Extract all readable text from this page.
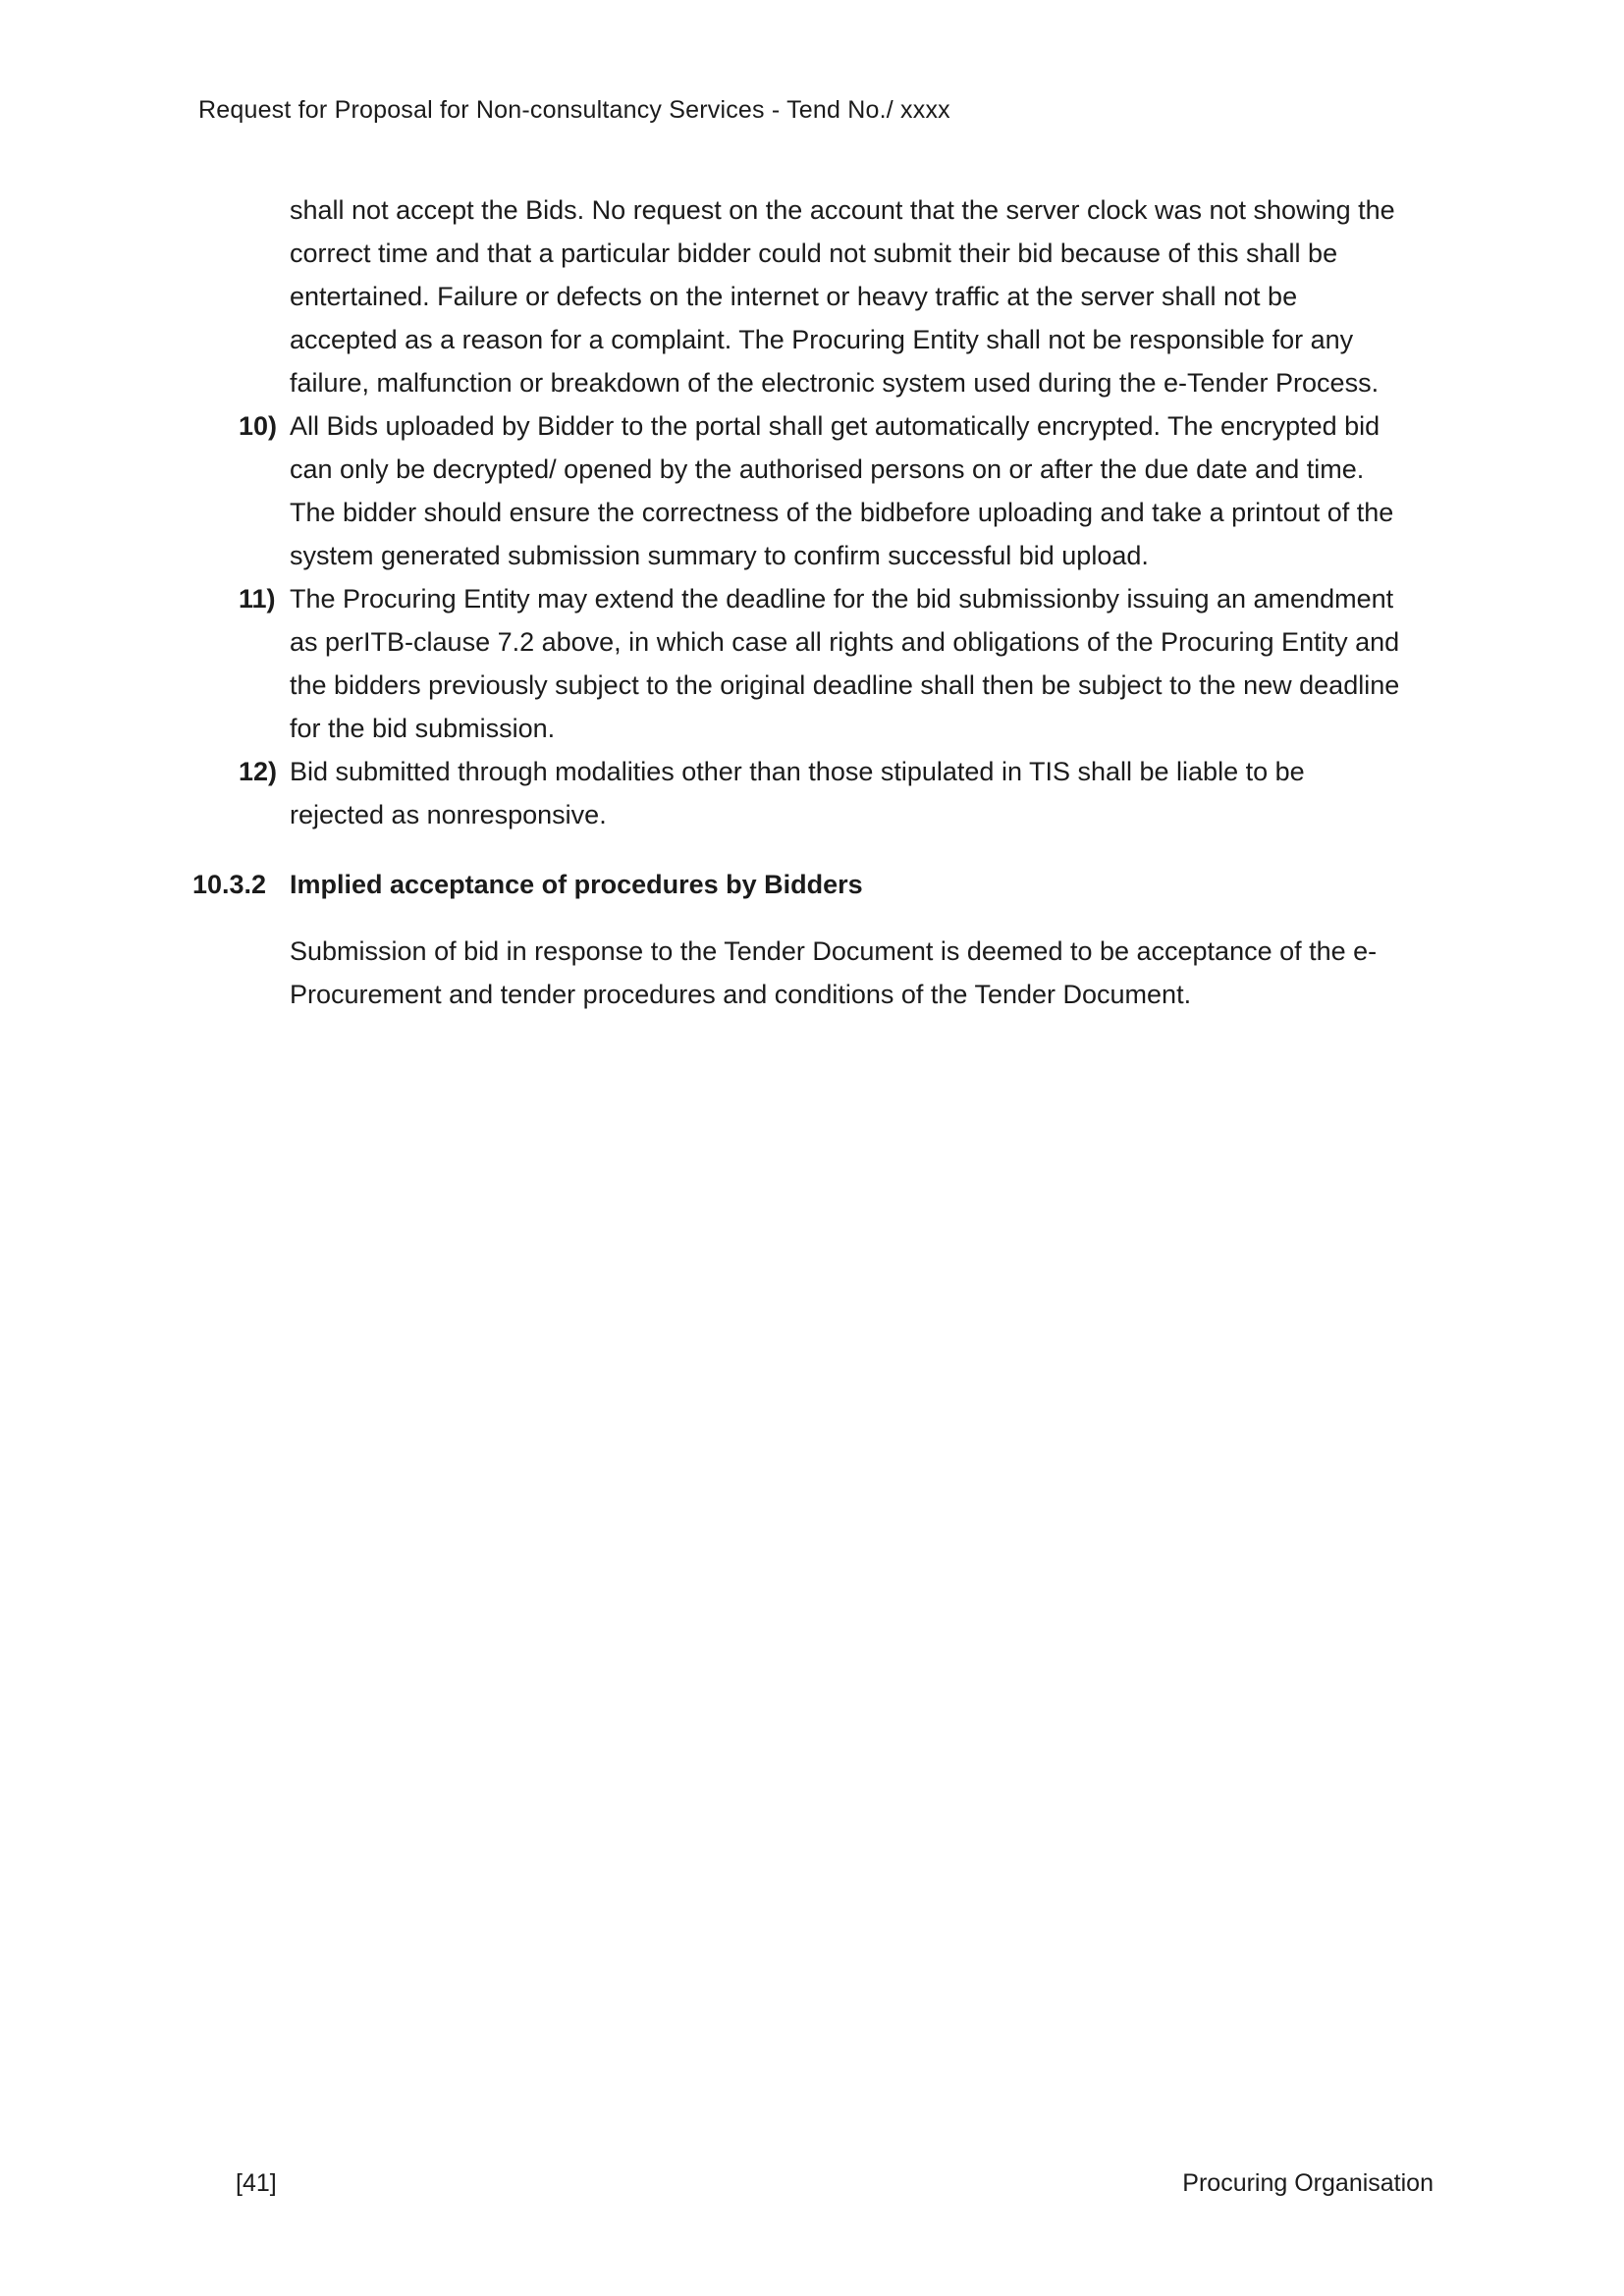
Request for Proposal for Non-consultancy Services - Tend No./ xxxx

shall not accept the Bids. No request on the account that the server clock was not showing the correct time and that a particular bidder could not submit their bid because of this shall be entertained. Failure or defects on the internet or heavy traffic at the server shall not be accepted as a reason for a complaint. The Procuring Entity shall not be responsible for any failure, malfunction or breakdown of the electronic system used during the e-Tender Process.

10) All Bids uploaded by Bidder to the portal shall get automatically encrypted. The encrypted bid can only be decrypted/ opened by the authorised persons on or after the due date and time. The bidder should ensure the correctness of the bidbefore uploading and take a printout of the system generated submission summary to confirm successful bid upload.
11) The Procuring Entity may extend the deadline for the bid submissionby issuing an amendment as perITB-clause 7.2 above, in which case all rights and obligations of the Procuring Entity and the bidders previously subject to the original deadline shall then be subject to the new deadline for the bid submission.
12) Bid submitted through modalities other than those stipulated in TIS shall be liable to be rejected as nonresponsive.
10.3.2 Implied acceptance of procedures by Bidders

Submission of bid in response to the Tender Document is deemed to be acceptance of the e-Procurement and tender procedures and conditions of the Tender Document.

[41]	Procuring Organisation
